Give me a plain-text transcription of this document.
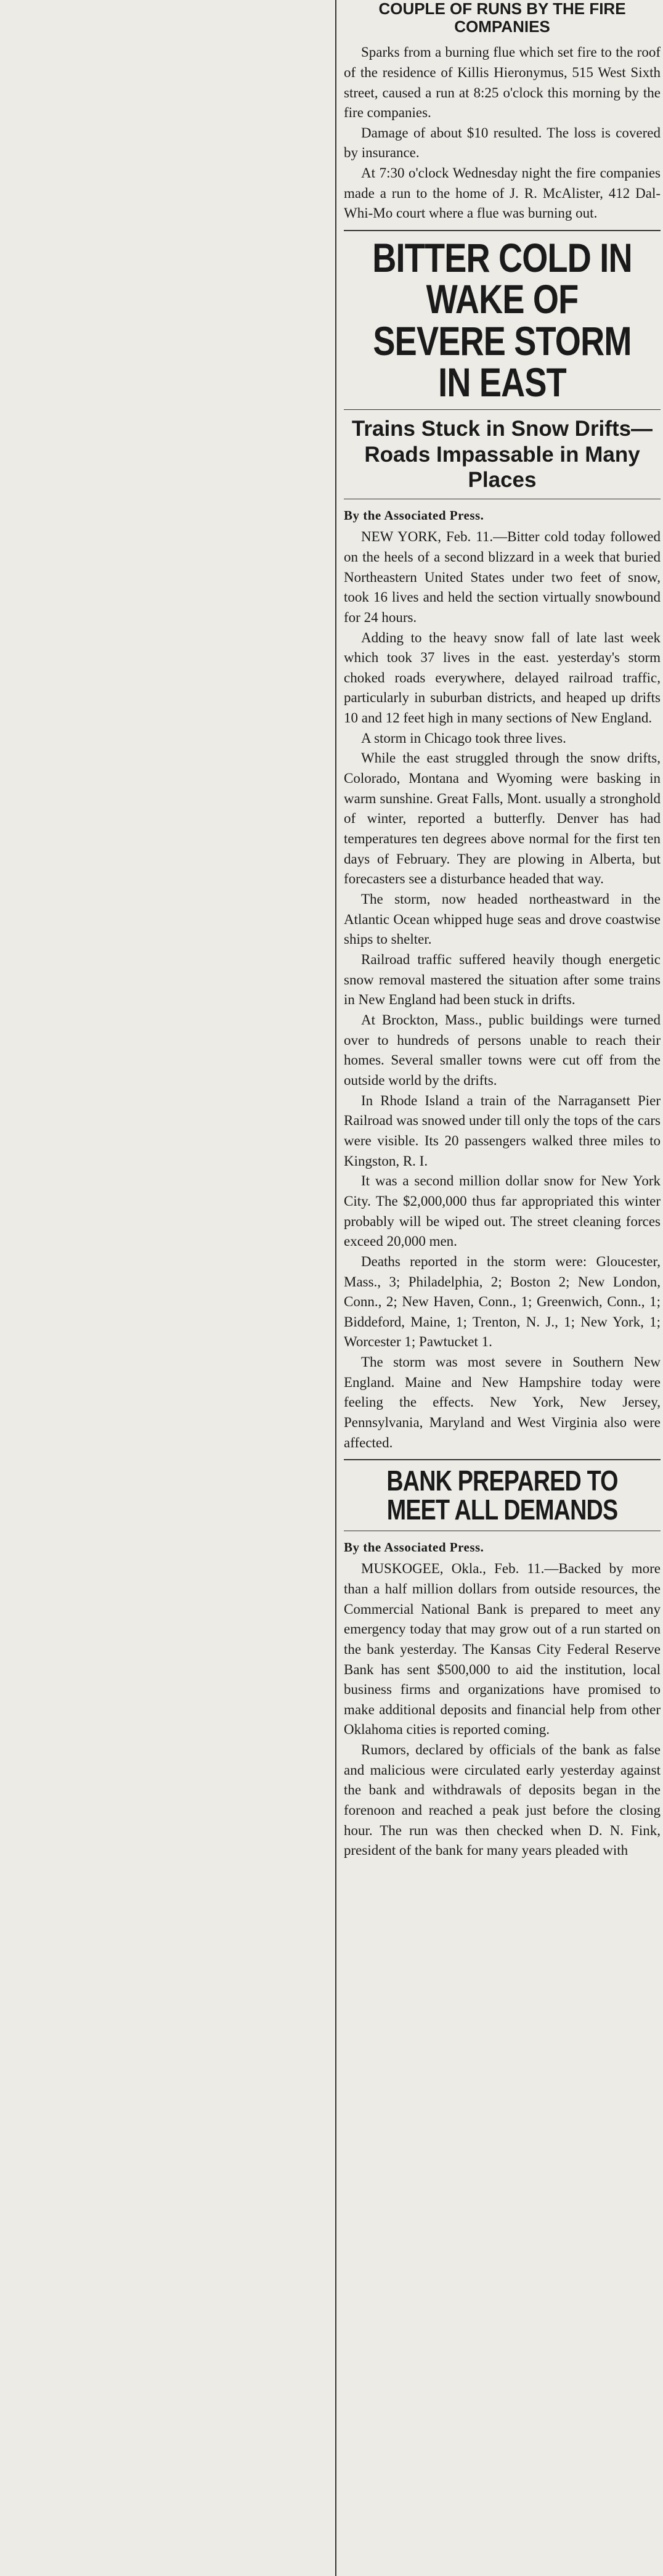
COUPLE OF RUNS BY THE FIRE COMPANIES

Sparks from a burning flue which set fire to the roof of the residence of Killis Hieronymus, 515 West Sixth street, caused a run at 8:25 o'clock this morning by the fire companies.

Damage of about $10 resulted. The loss is covered by insurance.

At 7:30 o'clock Wednesday night the fire companies made a run to the home of J. R. McAlister, 412 Dal-Whi-Mo court where a flue was burning out.

BITTER COLD IN WAKE OF SEVERE STORM IN EAST
Trains Stuck in Snow Drifts—Roads Impassable in Many Places
By the Associated Press.

NEW YORK, Feb. 11.—Bitter cold today followed on the heels of a second blizzard in a week that buried Northeastern United States under two feet of snow, took 16 lives and held the section virtually snowbound for 24 hours.

Adding to the heavy snow fall of late last week which took 37 lives in the east. yesterday's storm choked roads everywhere, delayed railroad traffic, particularly in suburban districts, and heaped up drifts 10 and 12 feet high in many sections of New England.

A storm in Chicago took three lives.

While the east struggled through the snow drifts, Colorado, Montana and Wyoming were basking in warm sunshine. Great Falls, Mont. usually a stronghold of winter, reported a butterfly. Denver has had temperatures ten degrees above normal for the first ten days of February. They are plowing in Alberta, but forecasters see a disturbance headed that way.

The storm, now headed northeastward in the Atlantic Ocean whipped huge seas and drove coastwise ships to shelter.

Railroad traffic suffered heavily though energetic snow removal mastered the situation after some trains in New England had been stuck in drifts.

At Brockton, Mass., public buildings were turned over to hundreds of persons unable to reach their homes. Several smaller towns were cut off from the outside world by the drifts.

In Rhode Island a train of the Narragansett Pier Railroad was snowed under till only the tops of the cars were visible. Its 20 passengers walked three miles to Kingston, R. I.

It was a second million dollar snow for New York City. The $2,000,000 thus far appropriated this winter probably will be wiped out. The street cleaning forces exceed 20,000 men.

Deaths reported in the storm were: Gloucester, Mass., 3; Philadelphia, 2; Boston 2; New London, Conn., 2; New Haven, Conn., 1; Greenwich, Conn., 1; Biddeford, Maine, 1; Trenton, N. J., 1; New York, 1; Worcester 1; Pawtucket 1.

The storm was most severe in Southern New England. Maine and New Hampshire today were feeling the effects. New York, New Jersey, Pennsylvania, Maryland and West Virginia also were affected.

BANK PREPARED TO MEET ALL DEMANDS
By the Associated Press.

MUSKOGEE, Okla., Feb. 11.—Backed by more than a half million dollars from outside resources, the Commercial National Bank is prepared to meet any emergency today that may grow out of a run started on the bank yesterday. The Kansas City Federal Reserve Bank has sent $500,000 to aid the institution, local business firms and organizations have promised to make additional deposits and financial help from other Oklahoma cities is reported coming.

Rumors, declared by officials of the bank as false and malicious were circulated early yesterday against the bank and withdrawals of deposits began in the forenoon and reached a peak just before the closing hour. The run was then checked when D. N. Fink, president of the bank for many years pleaded with
